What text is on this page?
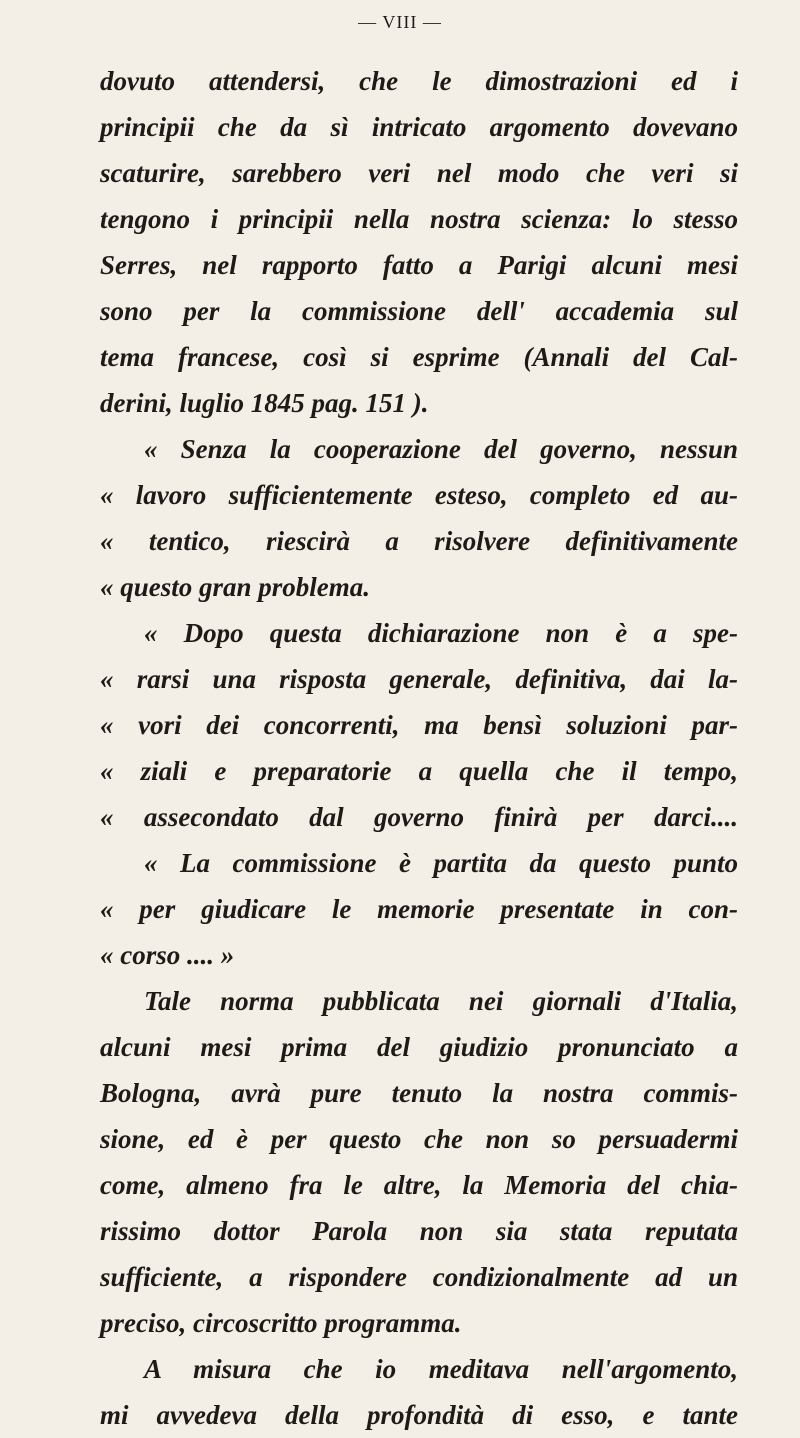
— VIII —
dovuto attendersi, che le dimostrazioni ed i
principii che da sì intricato argomento dovevano
scaturire, sarebbero veri nel modo che veri si
tengono i principii nella nostra scienza: lo stesso
Serres, nel rapporto fatto a Parigi alcuni mesi
sono per la commissione dell' accademia sul
tema francese, così si esprime (Annali del Cal-
derini, luglio 1845 pag. 151 ).
« Senza la cooperazione del governo, nessun
« lavoro sufficientemente esteso, completo ed au-
« tentico, riescirà a risolvere definitivamente
« questo gran problema.
« Dopo questa dichiarazione non è a spe-
« rarsi una risposta generale, definitiva, dai la-
« vori dei concorrenti, ma bensì soluzioni par-
« ziali e preparatorie a quella che il tempo,
« assecondato dal governo finirà per darci....
« La commissione è partita da questo punto
« per giudicare le memorie presentate in con-
« corso .... »
Tale norma pubblicata nei giornali d'Italia,
alcuni mesi prima del giudizio pronunciato a
Bologna, avrà pure tenuto la nostra commis-
sione, ed è per questo che non so persuadermi
come, almeno fra le altre, la Memoria del chia-
rissimo dottor Parola non sia stata reputata
sufficiente, a rispondere condizionalmente ad un
preciso, circoscritto programma.
A misura che io meditava nell'argomento,
mi avvedeva della profondità di esso, e tante
